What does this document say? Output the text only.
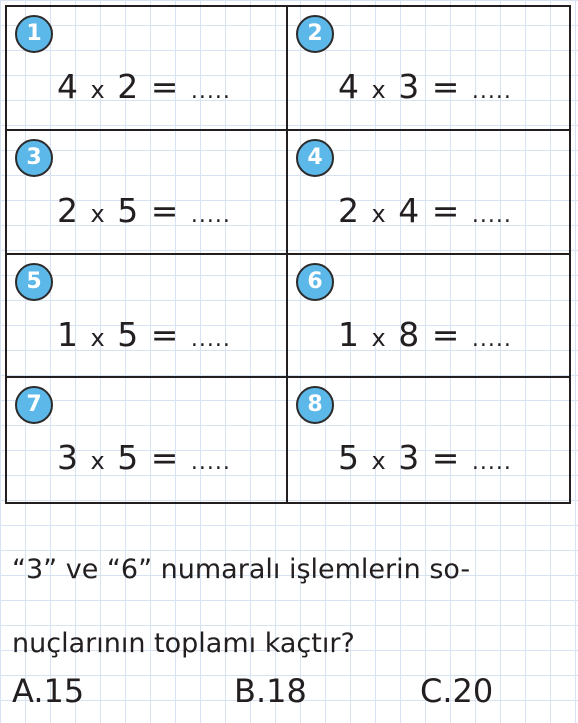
1
4 x 2 = .....
2
4 x 3 = .....
3
2 x 5 = .....
4
2 x 4 = .....
5
1 x 5 = .....
6
1 x 8 = .....
7
3 x 5 = .....
8
5 x 3 = .....
“3” ve “6” numaralı işlemlerin so-
nuçlarının toplamı kaçtır?
A.15	B.18	C.20
